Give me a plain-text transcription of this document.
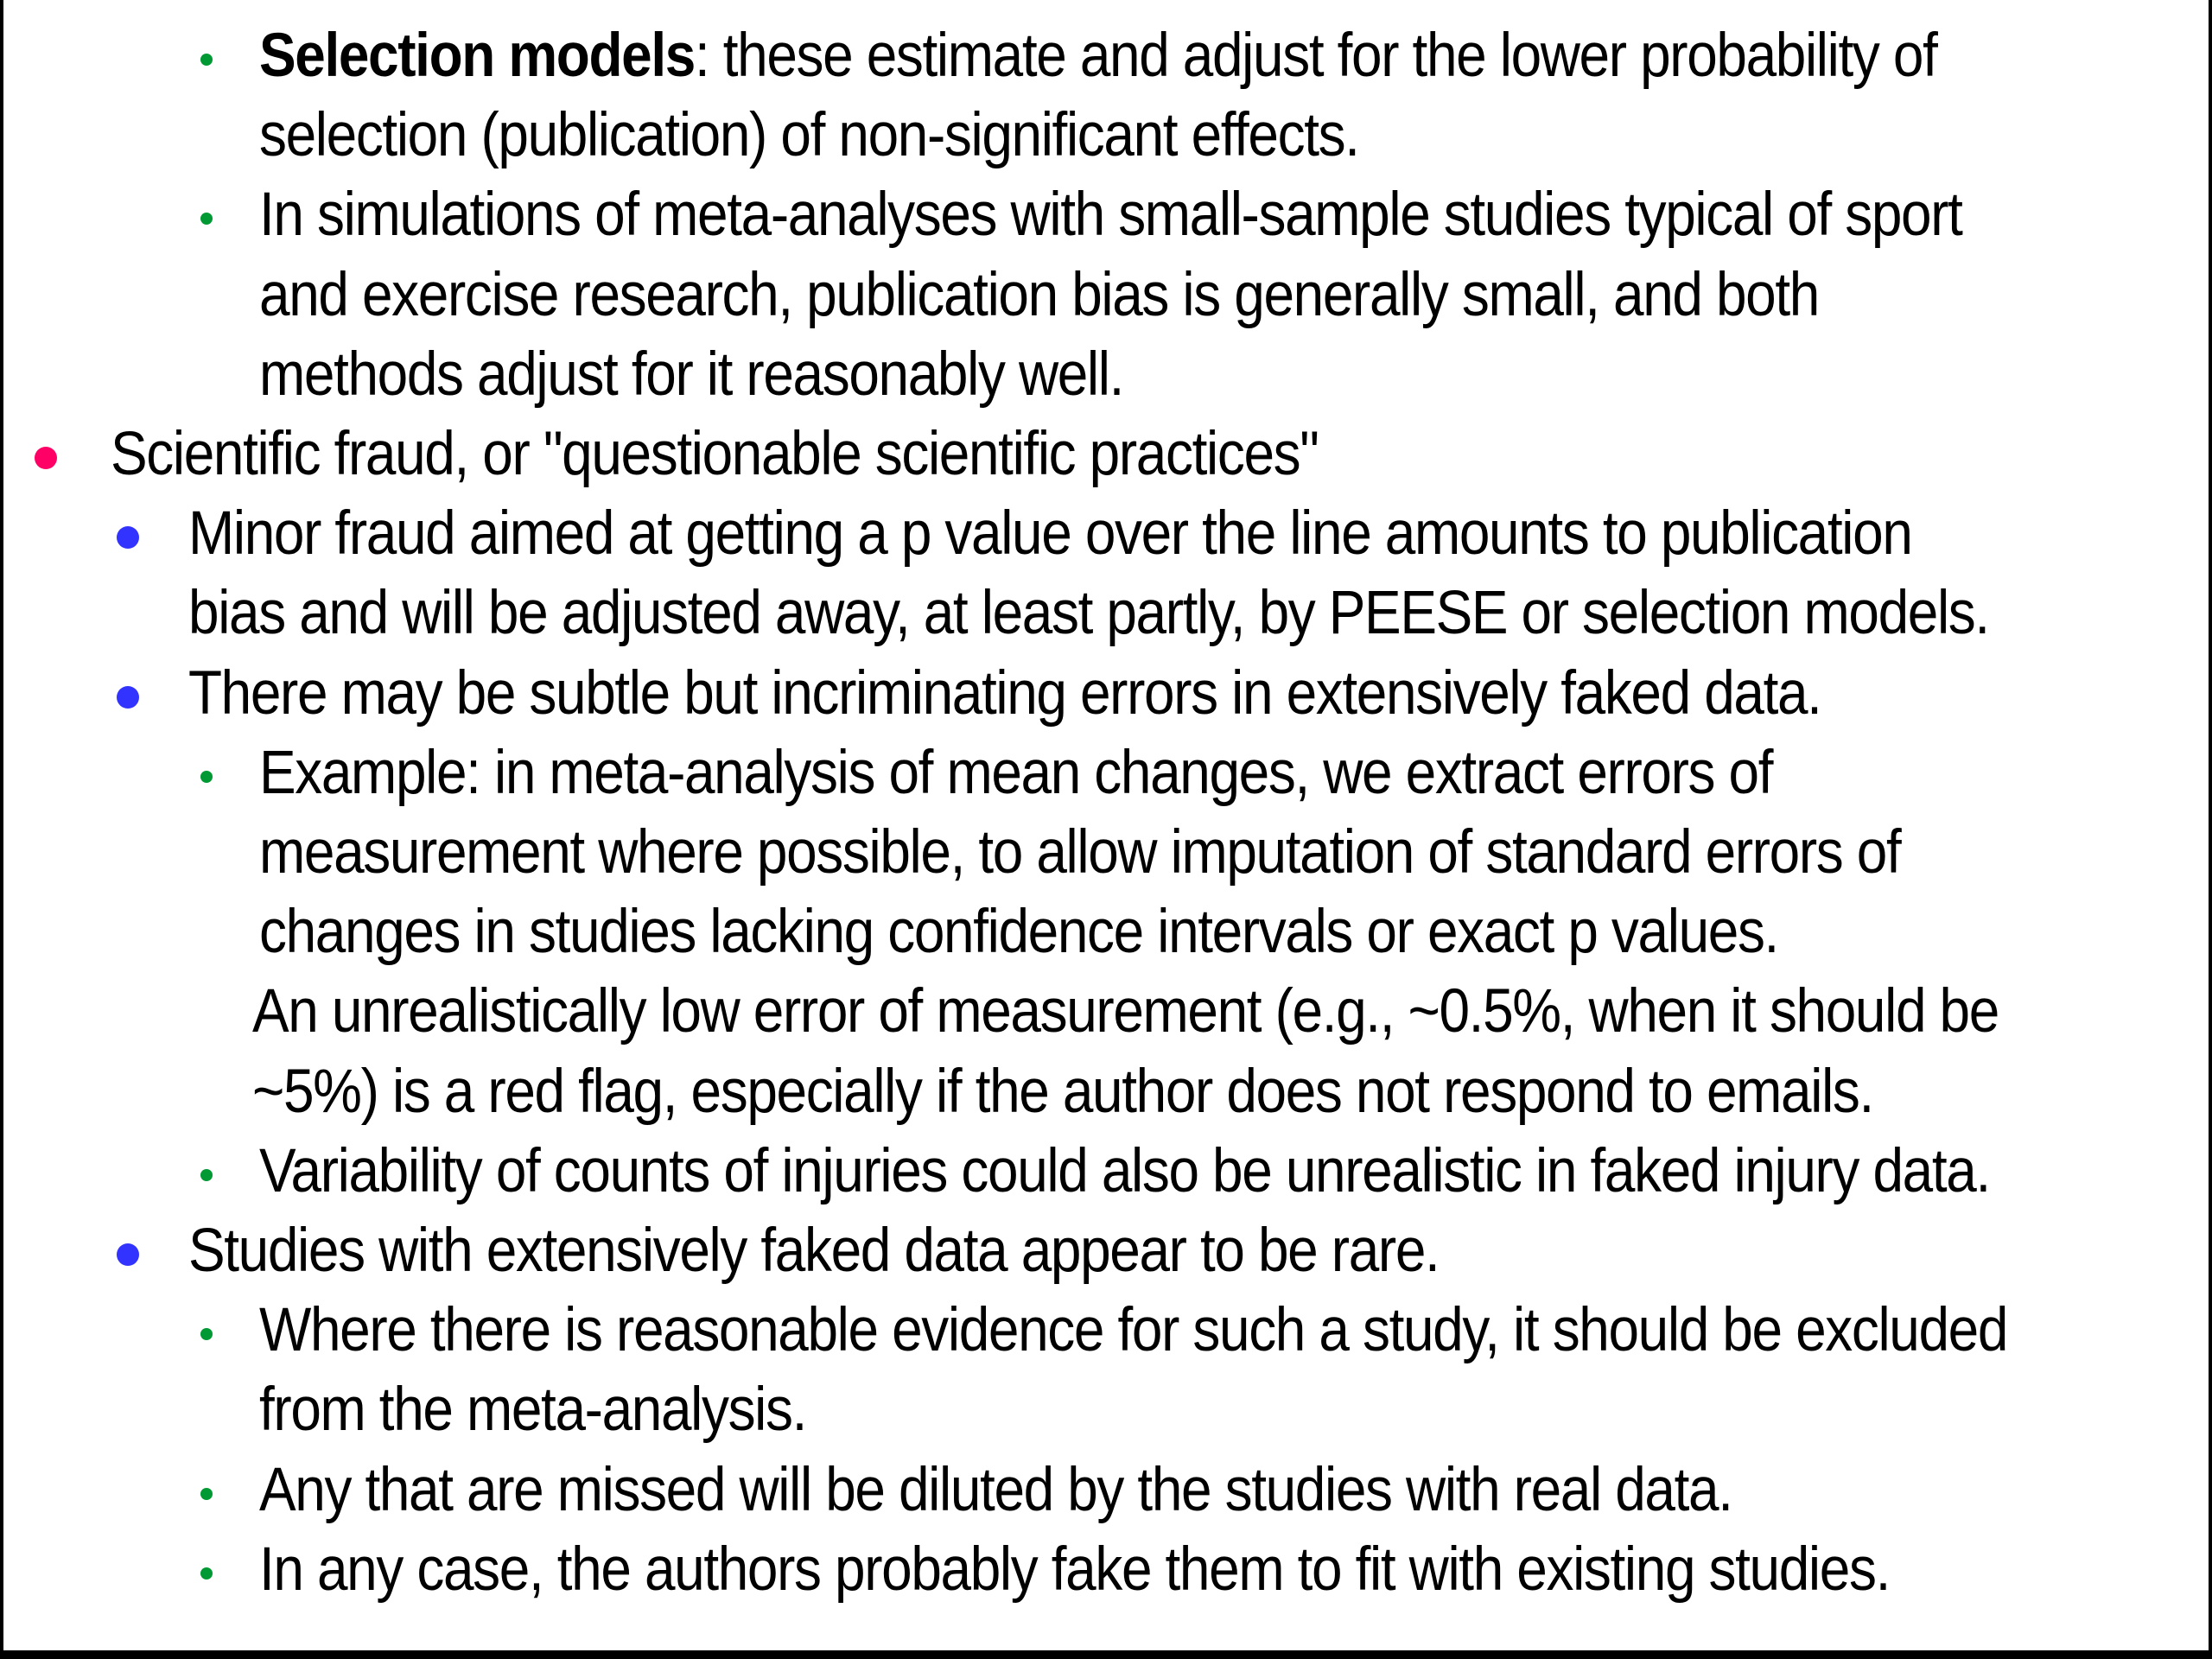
Selection models: these estimate and adjust for the lower probability of
selection (publication) of non-significant effects.
In simulations of meta-analyses with small-sample studies typical of sport
and exercise research, publication bias is generally small, and both
methods adjust for it reasonably well.
Scientific fraud, or "questionable scientific practices"
Minor fraud aimed at getting a p value over the line amounts to publication
bias and will be adjusted away, at least partly, by PEESE or selection models.
There may be subtle but incriminating errors in extensively faked data.
Example: in meta-analysis of mean changes, we extract errors of
measurement where possible, to allow imputation of standard errors of
changes in studies lacking confidence intervals or exact p values.
An unrealistically low error of measurement (e.g., ~0.5%, when it should be
~5%) is a red flag, especially if the author does not respond to emails.
Variability of counts of injuries could also be unrealistic in faked injury data.
Studies with extensively faked data appear to be rare.
Where there is reasonable evidence for such a study, it should be excluded
from the meta-analysis.
Any that are missed will be diluted by the studies with real data.
In any case, the authors probably fake them to fit with existing studies.
